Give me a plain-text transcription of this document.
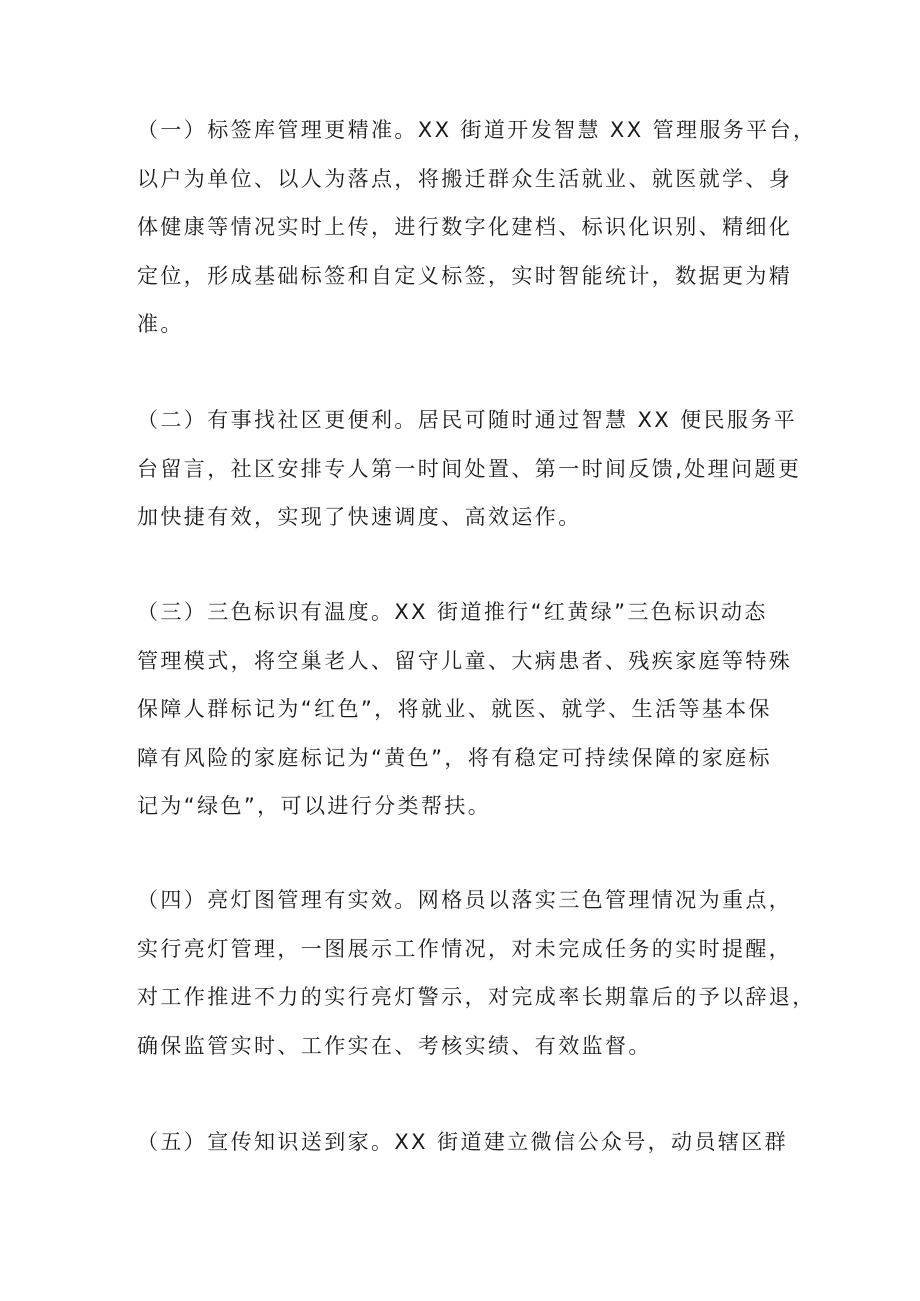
（一）标签库管理更精准。XX 街道开发智慧 XX 管理服务平台，
以户为单位、以人为落点，将搬迁群众生活就业、就医就学、身
体健康等情况实时上传，进行数字化建档、标识化识别、精细化
定位，形成基础标签和自定义标签，实时智能统计，数据更为精
准。

（二）有事找社区更便利。居民可随时通过智慧 XX 便民服务平
台留言，社区安排专人第一时间处置、第一时间反馈,处理问题更
加快捷有效，实现了快速调度、高效运作。

（三）三色标识有温度。XX 街道推行“红黄绿”三色标识动态
管理模式，将空巢老人、留守儿童、大病患者、残疾家庭等特殊
保障人群标记为“红色”，将就业、就医、就学、生活等基本保
障有风险的家庭标记为“黄色”，将有稳定可持续保障的家庭标
记为“绿色”，可以进行分类帮扶。

（四）亮灯图管理有实效。网格员以落实三色管理情况为重点，
实行亮灯管理，一图展示工作情况，对未完成任务的实时提醒，
对工作推进不力的实行亮灯警示，对完成率长期靠后的予以辞退，
确保监管实时、工作实在、考核实绩、有效监督。

（五）宣传知识送到家。XX 街道建立微信公众号，动员辖区群
